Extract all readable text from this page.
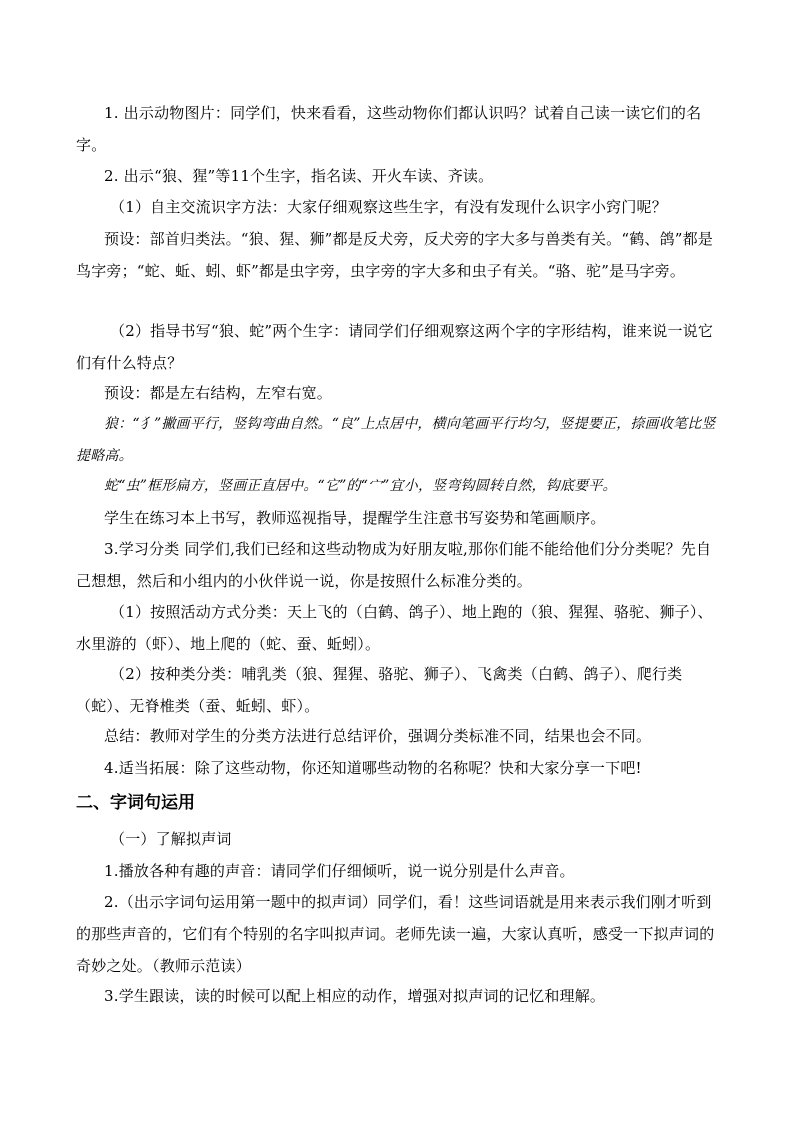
1. 出示动物图片：同学们，快来看看，这些动物你们都认识吗？试着自己读一读它们的名字。
2. 出示“狼、猩”等11个生字，指名读、开火车读、齐读。
（1）自主交流识字方法：大家仔细观察这些生字，有没有发现什么识字小窍门呢？
预设：部首归类法。“狼、猩、狮”都是反犬旁，反犬旁的字大多与兽类有关。“鹤、鸽”都是鸟字旁；“蛇、蚯、蚓、虾”都是虫字旁，虫字旁的字大多和虫子有关。“骆、驼”是马字旁。
（2）指导书写“狼、蛇”两个生字：请同学们仔细观察这两个字的字形结构，谁来说一说它们有什么特点？
预设：都是左右结构，左窄右宽。
狼：“犭”撇画平行，竖钩弯曲自然。“良”上点居中，横向笔画平行均匀，竖提要正，捺画收笔比竖提略高。
蛇“虫”框形扁方，竖画正直居中。“它”的“宀”宜小，竖弯钩圆转自然，钩底要平。
学生在练习本上书写，教师巡视指导，提醒学生注意书写姿势和笔画顺序。
3.学习分类 同学们,我们已经和这些动物成为好朋友啦,那你们能不能给他们分分类呢？先自己想想，然后和小组内的小伙伴说一说，你是按照什么标准分类的。
（1）按照活动方式分类：天上飞的（白鹤、鸽子）、地上跑的（狼、猩猩、骆驼、狮子）、水里游的（虾）、地上爬的（蛇、蚕、蚯蚓）。
（2）按种类分类：哺乳类（狼、猩猩、骆驼、狮子）、飞禽类（白鹤、鸽子）、爬行类（蛇）、无脊椎类（蚕、蚯蚓、虾）。
总结：教师对学生的分类方法进行总结评价，强调分类标准不同，结果也会不同。
4.适当拓展：除了这些动物，你还知道哪些动物的名称呢？快和大家分享一下吧!
二、字词句运用
（一）了解拟声词
1.播放各种有趣的声音：请同学们仔细倾听，说一说分别是什么声音。
2.（出示字词句运用第一题中的拟声词）同学们，看！这些词语就是用来表示我们刚才听到的那些声音的，它们有个特别的名字叫拟声词。老师先读一遍，大家认真听，感受一下拟声词的奇妙之处。（教师示范读）
3.学生跟读，读的时候可以配上相应的动作，增强对拟声词的记忆和理解。
